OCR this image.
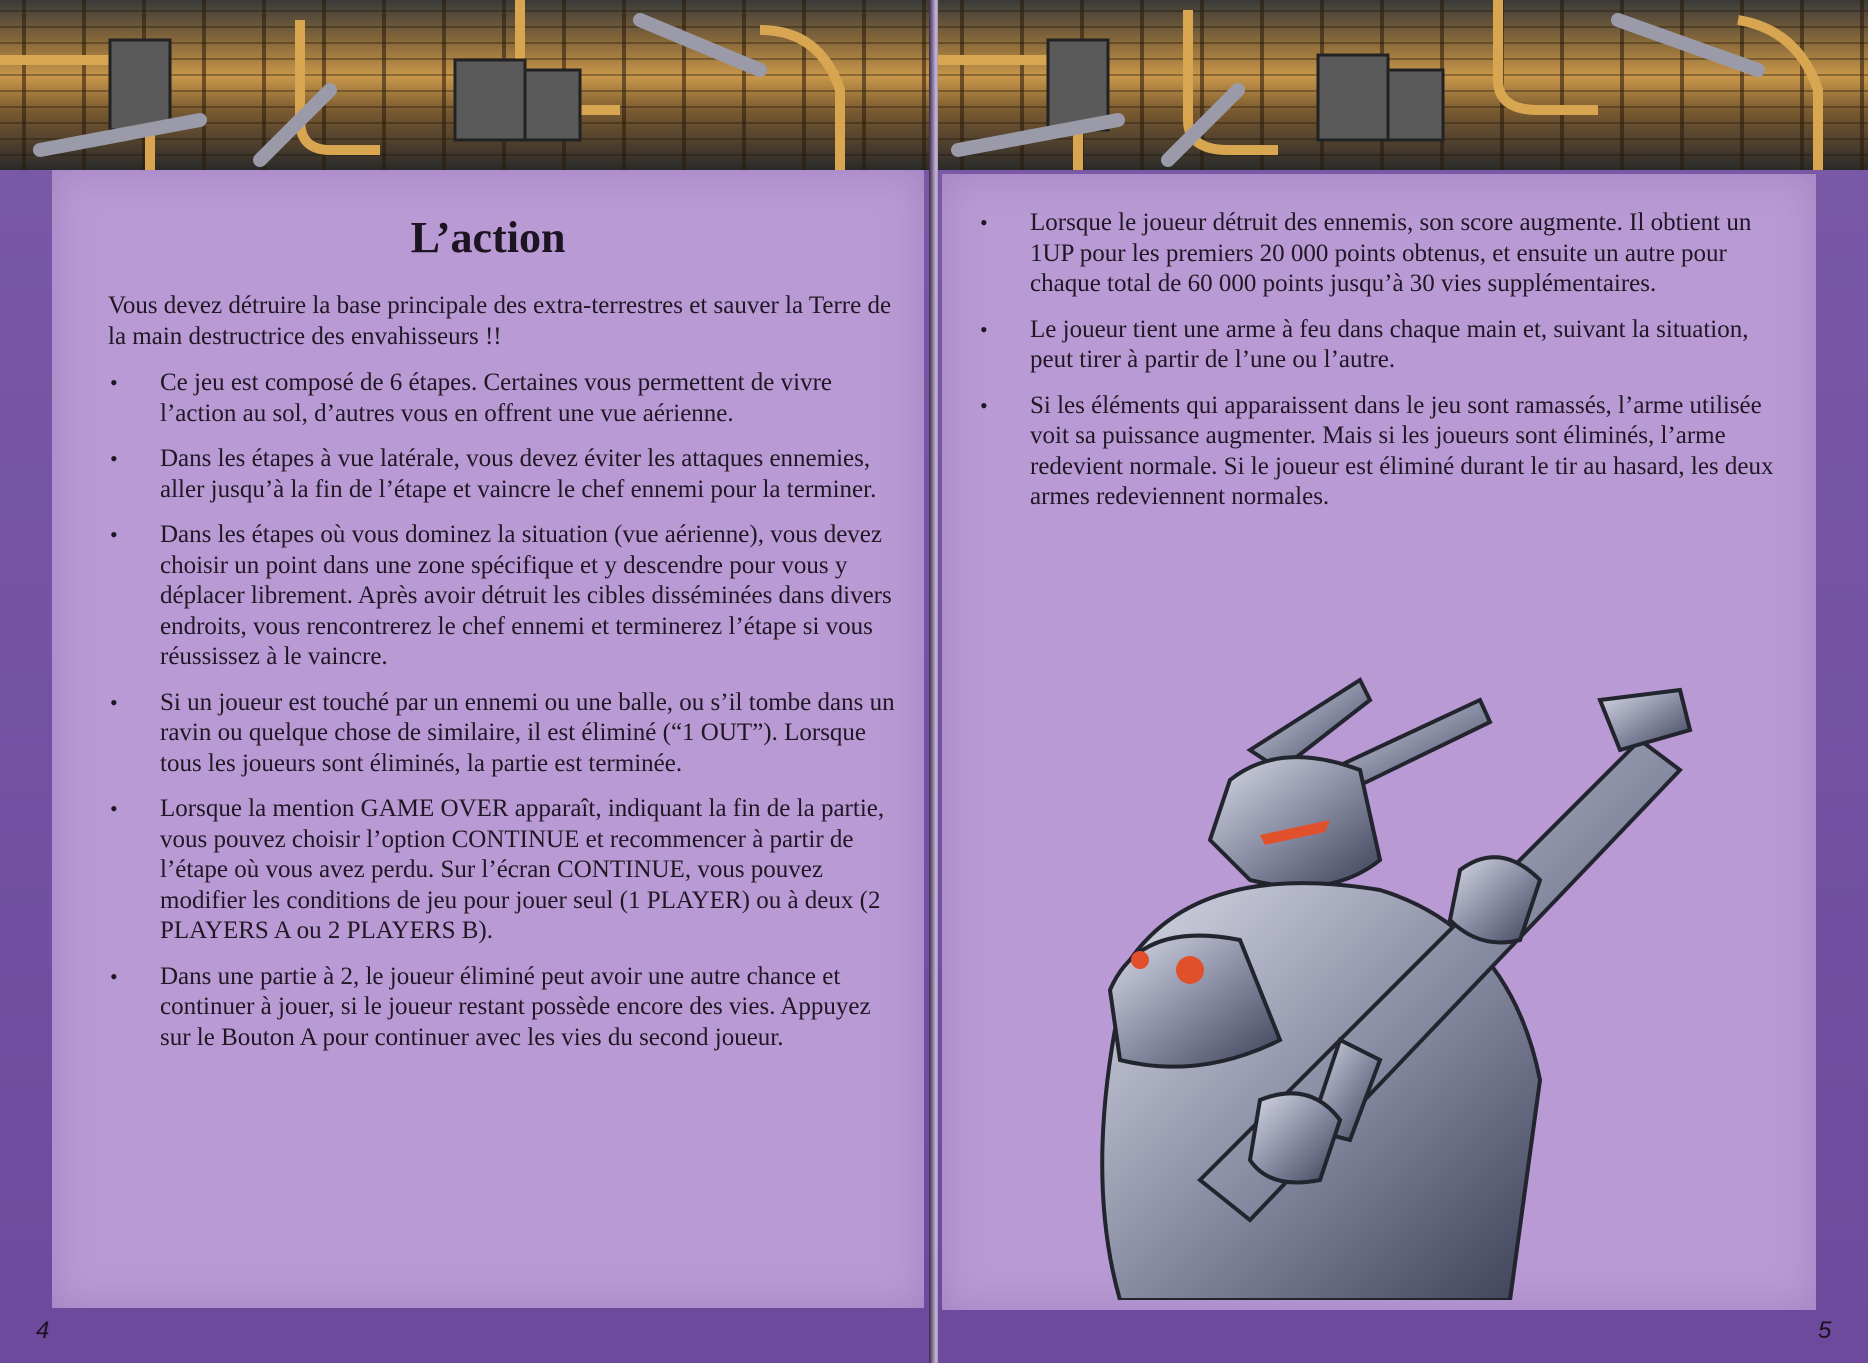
L’action
Vous devez détruire la base principale des extra-terrestres et sauver la Terre de la main destructrice des envahisseurs !!
• Ce jeu est composé de 6 étapes. Certaines vous permettent de vivre l’action au sol, d’autres vous en offrent une vue aérienne.
• Dans les étapes à vue latérale, vous devez éviter les attaques ennemies, aller jusqu’à la fin de l’étape et vaincre le chef ennemi pour la terminer.
• Dans les étapes où vous dominez la situation (vue aérienne), vous devez choisir un point dans une zone spécifique et y descendre pour vous y déplacer librement. Après avoir détruit les cibles disséminées dans divers endroits, vous rencontrerez le chef ennemi et terminerez l’étape si vous réussissez à le vaincre.
• Si un joueur est touché par un ennemi ou une balle, ou s’il tombe dans un ravin ou quelque chose de similaire, il est éliminé (“1 OUT”). Lorsque tous les joueurs sont éliminés, la partie est terminée.
• Lorsque la mention GAME OVER apparaît, indiquant la fin de la partie, vous pouvez choisir l’option CONTINUE et recommencer à partir de l’étape où vous avez perdu. Sur l’écran CONTINUE, vous pouvez modifier les conditions de jeu pour jouer seul (1 PLAYER) ou à deux (2 PLAYERS A ou 2 PLAYERS B).
• Dans une partie à 2, le joueur éliminé peut avoir une autre chance et continuer à jouer, si le joueur restant possède encore des vies. Appuyez sur le Bouton A pour continuer avec les vies du second joueur.
4	5
• Lorsque le joueur détruit des ennemis, son score augmente. Il obtient un 1UP pour les premiers 20 000 points obtenus, et ensuite un autre pour chaque total de 60 000 points jusqu’à 30 vies supplémentaires.
• Le joueur tient une arme à feu dans chaque main et, suivant la situation, peut tirer à partir de l’une ou l’autre.
• Si les éléments qui apparaissent dans le jeu sont ramassés, l’arme utilisée voit sa puissance augmenter. Mais si les joueurs sont éliminés, l’arme redevient normale. Si le joueur est éliminé durant le tir au hasard, les deux armes redeviennent normales.
